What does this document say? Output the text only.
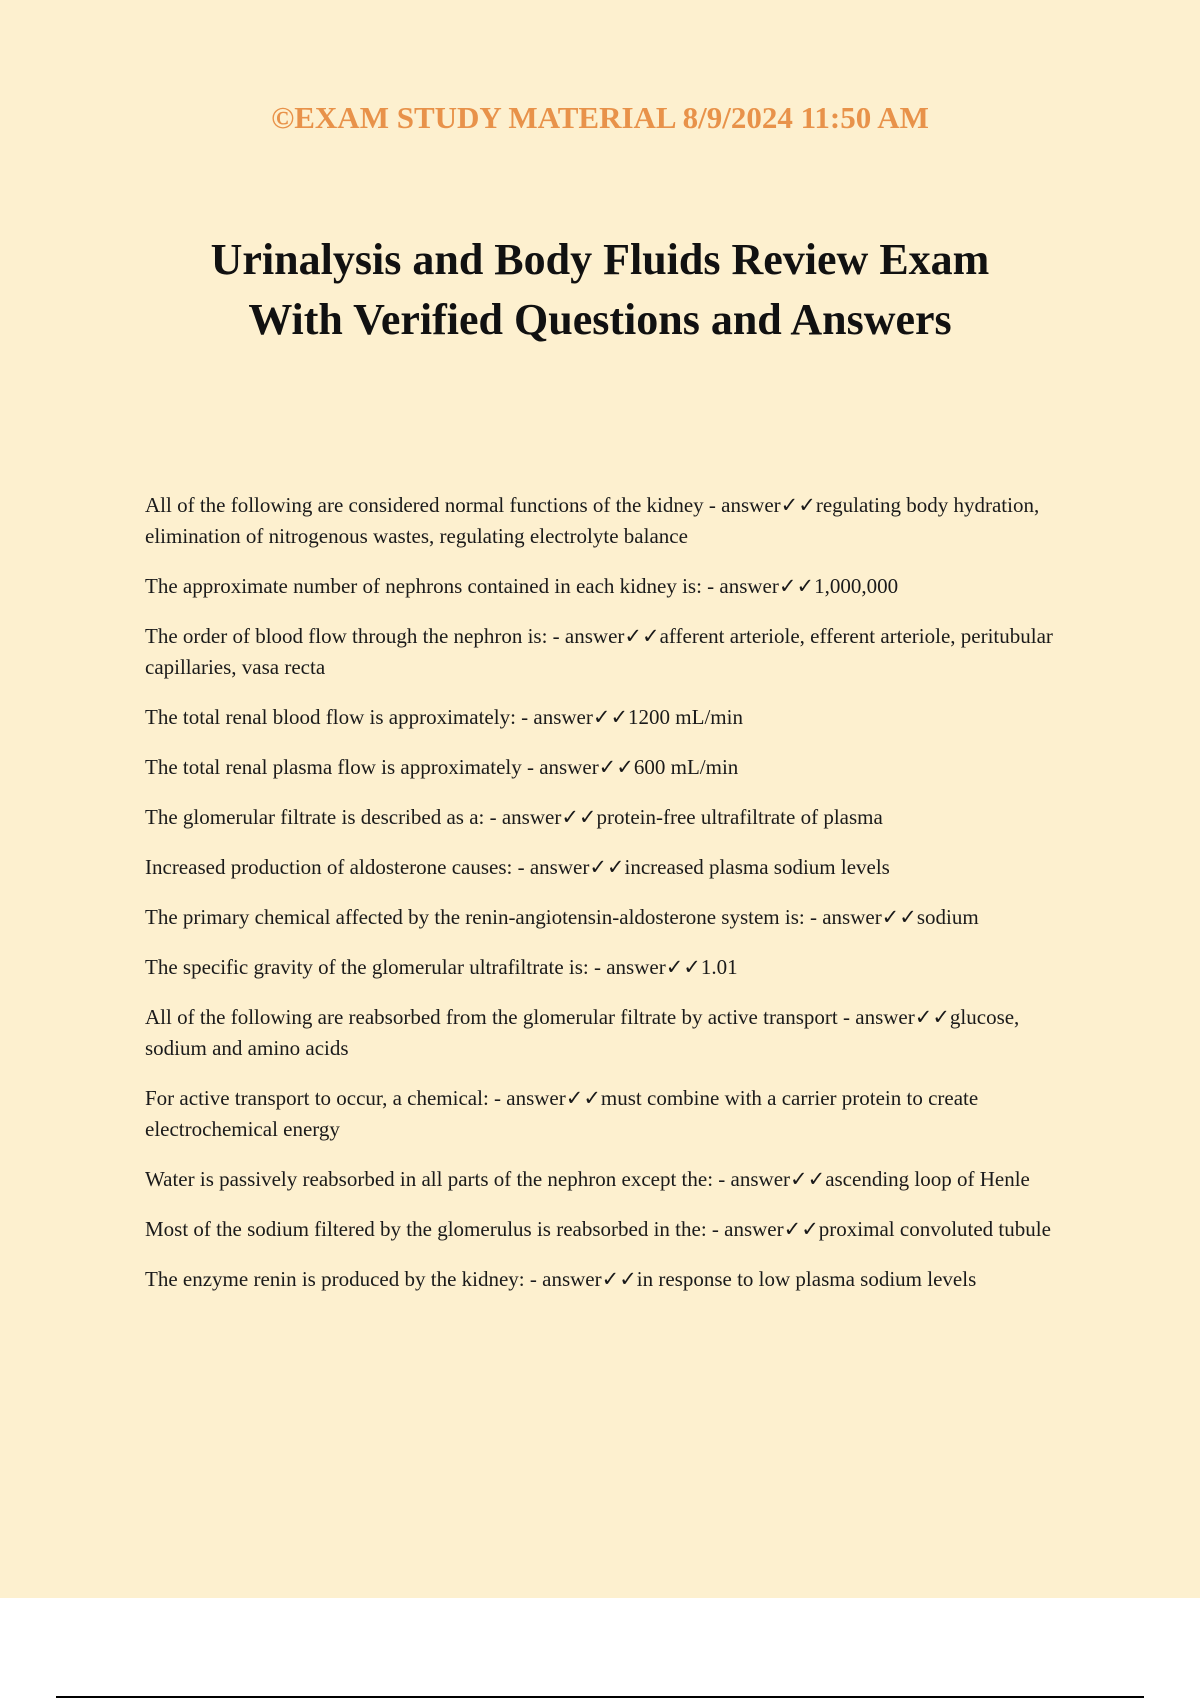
©EXAM STUDY MATERIAL 8/9/2024 11:50 AM
Urinalysis and Body Fluids Review Exam
With Verified Questions and Answers

All of the following are considered normal functions of the kidney - answer✓✓regulating body hydration, elimination of nitrogenous wastes, regulating electrolyte balance

The approximate number of nephrons contained in each kidney is: - answer✓✓1,000,000

The order of blood flow through the nephron is: - answer✓✓afferent arteriole, efferent arteriole, peritubular capillaries, vasa recta

The total renal blood flow is approximately: - answer✓✓1200 mL/min

The total renal plasma flow is approximately - answer✓✓600 mL/min

The glomerular filtrate is described as a: - answer✓✓protein-free ultrafiltrate of plasma

Increased production of aldosterone causes: - answer✓✓increased plasma sodium levels

The primary chemical affected by the renin-angiotensin-aldosterone system is: - answer✓✓sodium

The specific gravity of the glomerular ultrafiltrate is: - answer✓✓1.01

All of the following are reabsorbed from the glomerular filtrate by active transport - answer✓✓glucose, sodium and amino acids

For active transport to occur, a chemical: - answer✓✓must combine with a carrier protein to create electrochemical energy

Water is passively reabsorbed in all parts of the nephron except the: - answer✓✓ascending loop of Henle

Most of the sodium filtered by the glomerulus is reabsorbed in the: - answer✓✓proximal convoluted tubule

The enzyme renin is produced by the kidney: - answer✓✓in response to low plasma sodium levels
